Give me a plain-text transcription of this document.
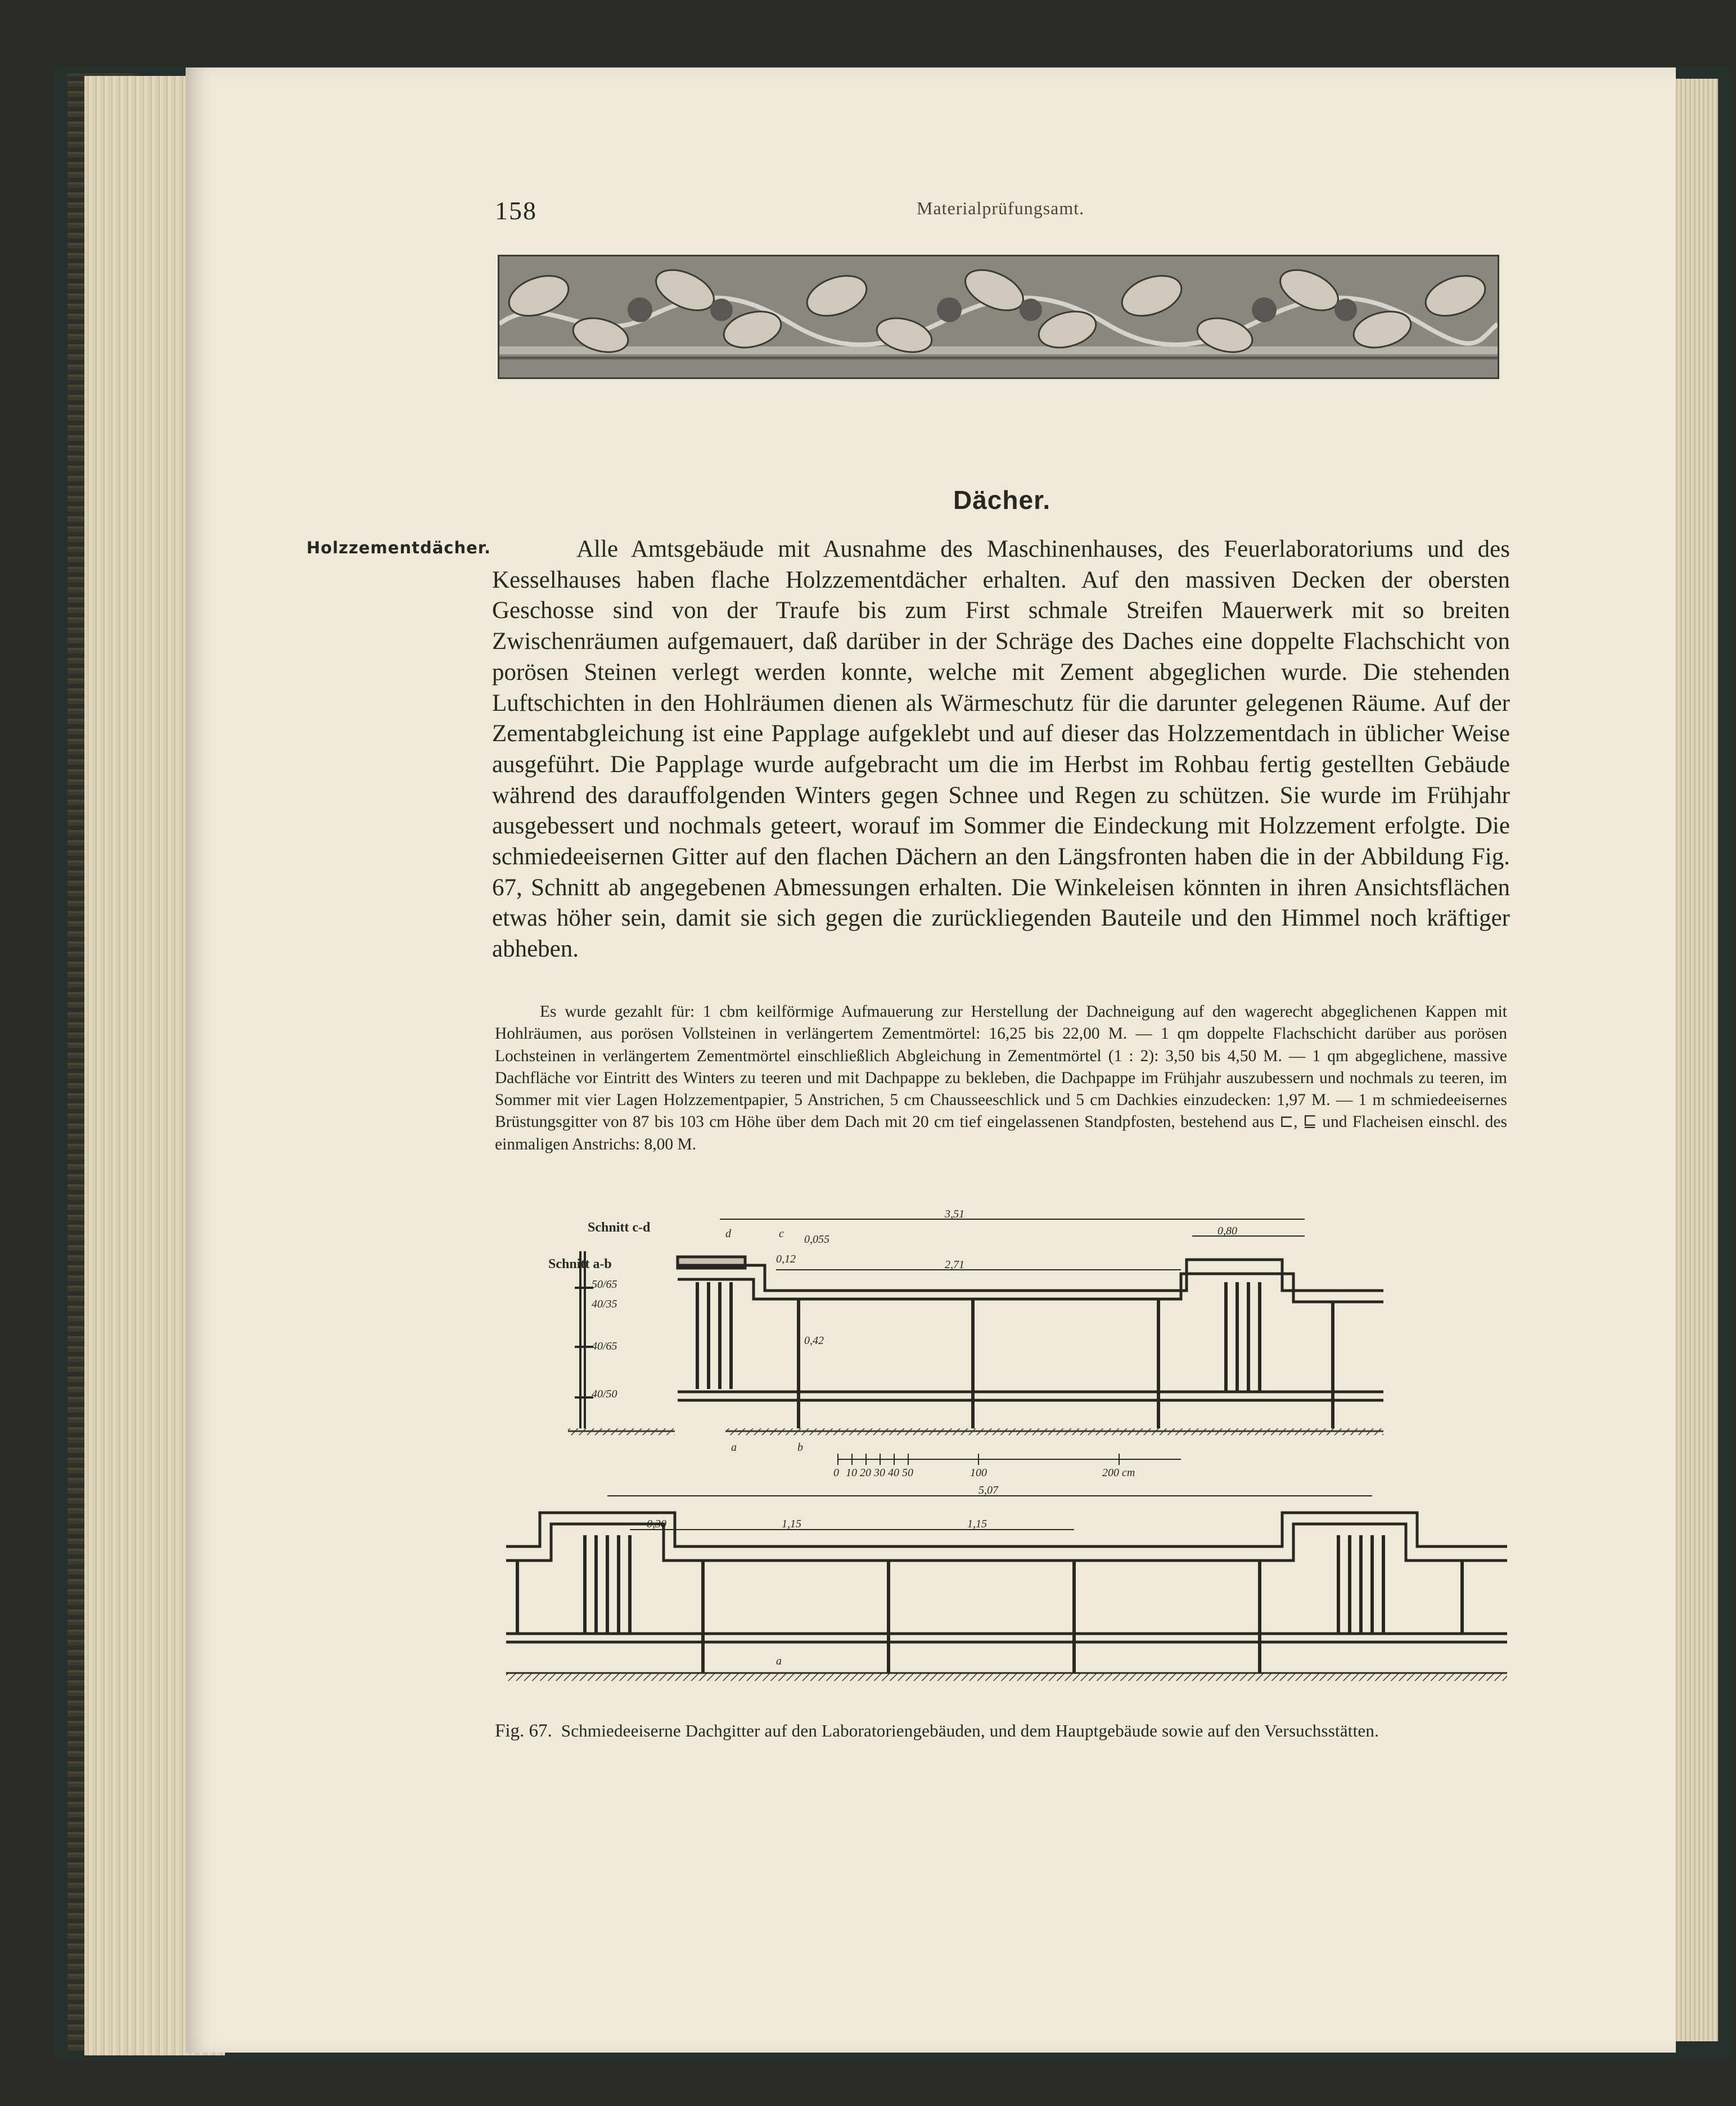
158	Materialprüfungsamt.
Dächer.
Holzzementdächer.	Alle Amtsgebäude mit Ausnahme des Maschinenhauses, des Feuerlaboratoriums und des Kesselhauses haben flache Holzzementdächer erhalten. Auf den massiven Decken der obersten Geschosse sind von der Traufe bis zum First schmale Streifen Mauerwerk mit so breiten Zwischenräumen aufgemauert, daß darüber in der Schräge des Daches eine doppelte Flachschicht von porösen Steinen verlegt werden konnte, welche mit Zement abgeglichen wurde. Die stehenden Luftschichten in den Hohlräumen dienen als Wärmeschutz für die darunter gelegenen Räume. Auf der Zementabgleichung ist eine Papplage aufgeklebt und auf dieser das Holzzementdach in üblicher Weise ausgeführt. Die Papplage wurde aufgebracht um die im Herbst im Rohbau fertig gestellten Gebäude während des darauffolgenden Winters gegen Schnee und Regen zu schützen. Sie wurde im Frühjahr ausgebessert und nochmals geteert, worauf im Sommer die Eindeckung mit Holzzement erfolgte. Die schmiedeeisernen Gitter auf den flachen Dächern an den Längsfronten haben die in der Abbildung Fig. 67, Schnitt ab angegebenen Abmessungen erhalten. Die Winkeleisen könnten in ihren Ansichtsflächen etwas höher sein, damit sie sich gegen die zurückliegenden Bauteile und den Himmel noch kräftiger abheben.
Es wurde gezahlt für: 1 cbm keilförmige Aufmauerung zur Herstellung der Dachneigung auf den wagerecht abgeglichenen Kappen mit Hohlräumen, aus porösen Vollsteinen in verlängertem Zementmörtel: 16,25 bis 22,00 M. — 1 qm doppelte Flachschicht darüber aus porösen Lochsteinen in verlängertem Zementmörtel einschließlich Abgleichung in Zementmörtel (1 : 2): 3,50 bis 4,50 M. — 1 qm abgeglichene, massive Dachfläche vor Eintritt des Winters zu teeren und mit Dachpappe zu bekleben, die Dachpappe im Frühjahr auszubessern und nochmals zu teeren, im Sommer mit vier Lagen Holzzementpapier, 5 Anstrichen, 5 cm Chausseeschlick und 5 cm Dachkies einzudecken: 1,97 M. — 1 m schmiedeeisernes Brüstungsgitter von 87 bis 103 cm Höhe über dem Dach mit 20 cm tief eingelassenen Standpfosten, bestehend aus ⊏, ⊑ und Flacheisen einschl. des einmaligen Anstrichs: 8,00 M.
Schnitt c-d
Schnitt a-b
50/65
40/35
40/65
40/50
3,51
0,80
2,71
0,12
0,055
0,42
c
a	b
d
0 10 20 30 40 50	100	200 cm
5,07
0,30	1,15	1,15
a
Fig. 67. Schmiedeeiserne Dachgitter auf den Laboratoriengebäuden, und dem Hauptgebäude sowie auf den Versuchsstätten.
